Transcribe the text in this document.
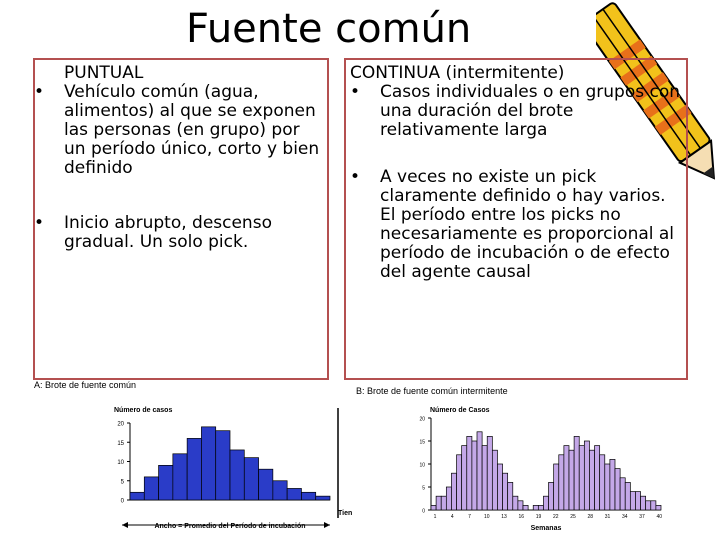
Fuente común
PUNTUAL
•	Vehículo común (agua, alimentos) al que se exponen las personas (en grupo) por un período único, corto y bien definido
•	Inicio abrupto, descenso gradual. Un solo pick.
CONTINUA (intermitente)
•	Casos individuales o en grupos con una duración del brote relativamente larga
•	A veces no existe un pick claramente definido o hay varios. El período entre los picks no necesariamente es proporcional al período de incubación o de efecto del agente causal
A: Brote de fuente común
0
5
10
15
20
Número de casos
Ancho = Promedio del Período de incubación
Tien
B: Brote de fuente común intermitente
0
5
10
15
20
1	4	7	10 13 16 19 22 25 28 31 34 37 40
Número de Casos
Semanas
